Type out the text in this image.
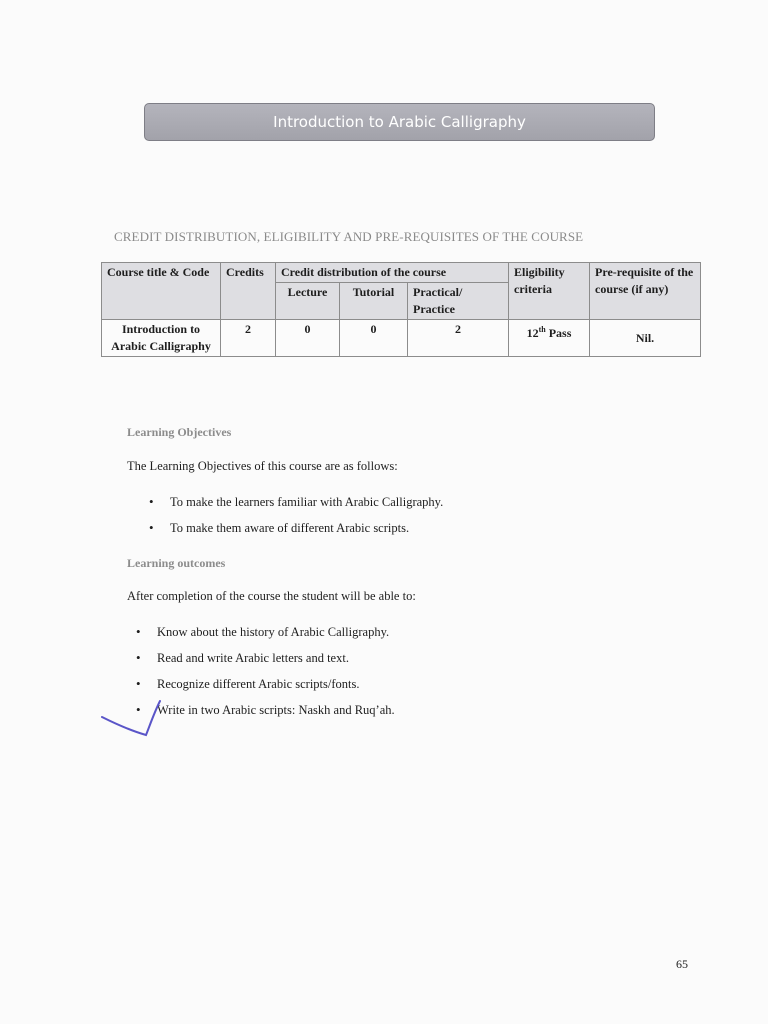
Introduction to Arabic Calligraphy
CREDIT DISTRIBUTION, ELIGIBILITY AND PRE-REQUISITES OF THE COURSE
Course title & Code	Credits	Credit distribution of the course			Eligibility criteria	Pre-requisite of the course (if any)
		Lecture	Tutorial	Practical/ Practice		
Introduction to Arabic Calligraphy	2	0	0	2	12th Pass	Nil.
Learning Objectives
The Learning Objectives of this course are as follows:
• To make the learners familiar with Arabic Calligraphy.
• To make them aware of different Arabic scripts.
Learning outcomes
After completion of the course the student will be able to:
• Know about the history of Arabic Calligraphy.
• Read and write Arabic letters and text.
• Recognize different Arabic scripts/fonts.
• Write in two Arabic scripts: Naskh and Ruq’ah.
65
